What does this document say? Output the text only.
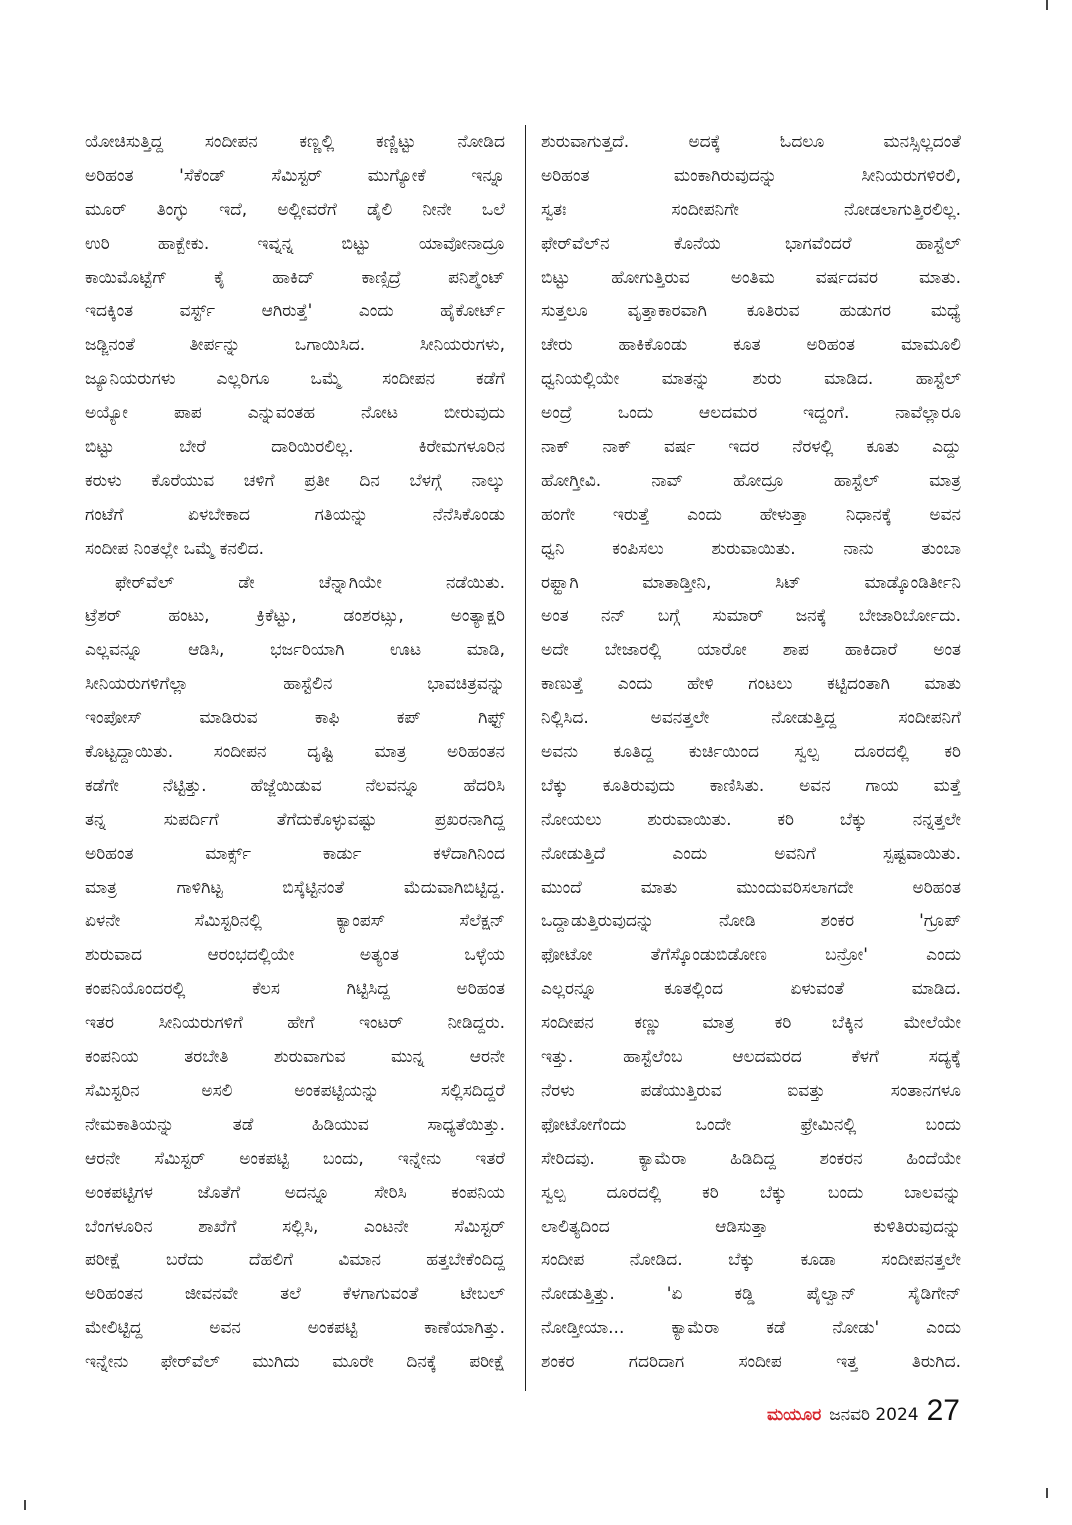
ಯೋಚಿಸುತ್ತಿದ್ದ ಸಂದೀಪನ ಕಣ್ಣಲ್ಲಿ ಕಣ್ಣಿಟ್ಟು ನೋಡಿದ
ಅರಿಹಂತ 'ಸೆಕೆಂಡ್ ಸೆಮಿಸ್ಟರ್ ಮುಗ್ಯೋಕೆ ಇನ್ನೂ
ಮೂರ್ ತಿಂಗ್ಳು ಇದೆ, ಅಲ್ಲೀವರೆಗೆ ಡೈಲಿ ನೀನೇ ಒಲೆ
ಉರಿ ಹಾಕ್ಬೇಕು. ಇವ್ನನ್ನ ಬಿಟ್ಟು ಯಾವೋನಾದ್ರೂ
ಕಾಯಿಮೊಟ್ಟೆಗ್ ಕೈ ಹಾಕಿದ್ ಕಾಣ್ಸಿದ್ರೆ ಪನಿಶ್ಮೆಂಟ್
ಇದಕ್ಕಿಂತ ವರ್ಸ್ಟ್ ಆಗಿರುತ್ತೆ' ಎಂದು ಹೈಕೋರ್ಟ್
ಜಡ್ಜಿನಂತೆ ತೀರ್ಪನ್ನು ಒಗಾಯಿಸಿದ. ಸೀನಿಯರುಗಳು,
ಜ್ಯೂನಿಯರುಗಳು ಎಲ್ಲರಿಗೂ ಒಮ್ಮೆ ಸಂದೀಪನ ಕಡೆಗೆ
ಅಯ್ಯೋ ಪಾಪ ಎನ್ನುವಂತಹ ನೋಟ ಬೀರುವುದು
ಬಿಟ್ಟು ಬೇರೆ ದಾರಿಯಿರಲಿಲ್ಲ. ಕಿರೇಮಗಳೂರಿನ
ಕರುಳು ಕೊರೆಯುವ ಚಳಿಗೆ ಪ್ರತೀ ದಿನ ಬೆಳಗ್ಗೆ ನಾಲ್ಕು
ಗಂಟೆಗೆ ಏಳಬೇಕಾದ ಗತಿಯನ್ನು ನೆನೆಸಿಕೊಂಡು
ಸಂದೀಪ ನಿಂತಲ್ಲೇ ಒಮ್ಮೆ ಕನಲಿದ.
ಫೇರ್‌ವೆಲ್ ಡೇ ಚೆನ್ನಾಗಿಯೇ ನಡೆಯಿತು.
ಟ್ರೆಶರ್ ಹಂಟು, ಕ್ರಿಕೆಟ್ಟು, ಡಂಶರಟ್ಸು, ಅಂತ್ಯಾಕ್ಷರಿ
ಎಲ್ಲವನ್ನೂ ಆಡಿಸಿ, ಭರ್ಜರಿಯಾಗಿ ಊಟ ಮಾಡಿ,
ಸೀನಿಯರುಗಳಿಗೆಲ್ಲಾ ಹಾಸ್ಟೆಲಿನ ಭಾವಚಿತ್ರವನ್ನು
ಇಂಪೋಸ್ ಮಾಡಿರುವ ಕಾಫಿ ಕಪ್ ಗಿಫ್ಟ್
ಕೊಟ್ಟದ್ದಾಯಿತು. ಸಂದೀಪನ ದೃಷ್ಟಿ ಮಾತ್ರ ಅರಿಹಂತನ
ಕಡೆಗೇ ನೆಟ್ಟಿತ್ತು. ಹೆಜ್ಜೆಯಿಡುವ ನೆಲವನ್ನೂ ಹೆದರಿಸಿ
ತನ್ನ ಸುಪರ್ದಿಗೆ ತೆಗೆದುಕೊಳ್ಳುವಷ್ಟು ಪ್ರಖರನಾಗಿದ್ದ
ಅರಿಹಂತ ಮಾರ್ಕ್ಸ್ ಕಾರ್ಡು ಕಳೆದಾಗಿನಿಂದ
ಮಾತ್ರ ಗಾಳಿಗಿಟ್ಟ ಬಿಸ್ಕೆಟ್ಟಿನಂತೆ ಮೆದುವಾಗಿಬಿಟ್ಟಿದ್ದ.
ಏಳನೇ ಸೆಮಿಸ್ಟರಿನಲ್ಲಿ ಕ್ಯಾಂಪಸ್ ಸೆಲೆಕ್ಷನ್
ಶುರುವಾದ ಆರಂಭದಲ್ಲಿಯೇ ಅತ್ಯಂತ ಒಳ್ಳೆಯ
ಕಂಪನಿಯೊಂದರಲ್ಲಿ ಕೆಲಸ ಗಿಟ್ಟಿಸಿದ್ದ ಅರಿಹಂತ
ಇತರ ಸೀನಿಯರುಗಳಿಗೆ ಹೇಗೆ ಇಂಟರ್ ನೀಡಿದ್ದರು.
ಕಂಪನಿಯ ತರಬೇತಿ ಶುರುವಾಗುವ ಮುನ್ನ ಆರನೇ
ಸೆಮಿಸ್ಟರಿನ ಅಸಲಿ ಅಂಕಪಟ್ಟಿಯನ್ನು ಸಲ್ಲಿಸದಿದ್ದರೆ
ನೇಮಕಾತಿಯನ್ನು ತಡೆ ಹಿಡಿಯುವ ಸಾಧ್ಯತೆಯಿತ್ತು.
ಆರನೇ ಸೆಮಿಸ್ಟರ್ ಅಂಕಪಟ್ಟಿ ಬಂದು, ಇನ್ನೇನು ಇತರೆ
ಅಂಕಪಟ್ಟಿಗಳ ಜೊತೆಗೆ ಅದನ್ನೂ ಸೇರಿಸಿ ಕಂಪನಿಯ
ಬೆಂಗಳೂರಿನ ಶಾಖೆಗೆ ಸಲ್ಲಿಸಿ, ಎಂಟನೇ ಸೆಮಿಸ್ಟರ್
ಪರೀಕ್ಷೆ ಬರೆದು ದೆಹಲಿಗೆ ವಿಮಾನ ಹತ್ತಬೇಕೆಂದಿದ್ದ
ಅರಿಹಂತನ ಜೀವನವೇ ತಲೆ ಕೆಳಗಾಗುವಂತೆ ಟೇಬಲ್
ಮೇಲಿಟ್ಟಿದ್ದ ಅವನ ಅಂಕಪಟ್ಟಿ ಕಾಣೆಯಾಗಿತ್ತು.
ಇನ್ನೇನು ಫೇರ್‌ವೆಲ್ ಮುಗಿದು ಮೂರೇ ದಿನಕ್ಕೆ ಪರೀಕ್ಷೆ
ಶುರುವಾಗುತ್ತದೆ. ಅದಕ್ಕೆ ಓದಲೂ ಮನಸ್ಸಿಲ್ಲದಂತೆ
ಅರಿಹಂತ ಮಂಕಾಗಿರುವುದನ್ನು ಸೀನಿಯರುಗಳಿರಲಿ,
ಸ್ವತಃ ಸಂದೀಪನಿಗೇ ನೋಡಲಾಗುತ್ತಿರಲಿಲ್ಲ.
ಫೇರ್‌ವೆಲ್‌ನ ಕೊನೆಯ ಭಾಗವೆಂದರೆ ಹಾಸ್ಟೆಲ್
ಬಿಟ್ಟು ಹೋಗುತ್ತಿರುವ ಅಂತಿಮ ವರ್ಷದವರ ಮಾತು.
ಸುತ್ತಲೂ ವೃತ್ತಾಕಾರವಾಗಿ ಕೂತಿರುವ ಹುಡುಗರ ಮಧ್ಯೆ
ಚೇರು ಹಾಕಿಕೊಂಡು ಕೂತ ಅರಿಹಂತ ಮಾಮೂಲಿ
ಧ್ವನಿಯಲ್ಲಿಯೇ ಮಾತನ್ನು ಶುರು ಮಾಡಿದ. ಹಾಸ್ಟೆಲ್
ಅಂದ್ರೆ ಒಂದು ಆಲದಮರ ಇದ್ದಂಗೆ. ನಾವೆಲ್ಲಾರೂ
ನಾಕ್ ನಾಕ್ ವರ್ಷ ಇದರ ನೆರಳಲ್ಲಿ ಕೂತು ಎದ್ದು
ಹೋಗ್ತೀವಿ. ನಾವ್ ಹೋದ್ರೂ ಹಾಸ್ಟೆಲ್ ಮಾತ್ರ
ಹಂಗೇ ಇರುತ್ತೆ ಎಂದು ಹೇಳುತ್ತಾ ನಿಧಾನಕ್ಕೆ ಅವನ
ಧ್ವನಿ ಕಂಪಿಸಲು ಶುರುವಾಯಿತು. ನಾನು ತುಂಬಾ
ರಫ್ಹಾಗಿ ಮಾತಾಡ್ತೀನಿ, ಸಿಟ್ ಮಾಡ್ಕೊಂಡಿರ್ತೀನಿ
ಅಂತ ನನ್ ಬಗ್ಗೆ ಸುಮಾರ್ ಜನಕ್ಕೆ ಬೇಜಾರಿರ್ಬೋದು.
ಅದೇ ಬೇಜಾರಲ್ಲಿ ಯಾರೋ ಶಾಪ ಹಾಕಿದಾರೆ ಅಂತ
ಕಾಣುತ್ತೆ ಎಂದು ಹೇಳಿ ಗಂಟಲು ಕಟ್ಟಿದಂತಾಗಿ ಮಾತು
ನಿಲ್ಲಿಸಿದ. ಅವನತ್ತಲೇ ನೋಡುತ್ತಿದ್ದ ಸಂದೀಪನಿಗೆ
ಅವನು ಕೂತಿದ್ದ ಕುರ್ಚಿಯಿಂದ ಸ್ವಲ್ಪ ದೂರದಲ್ಲಿ ಕರಿ
ಬೆಕ್ಕು ಕೂತಿರುವುದು ಕಾಣಿಸಿತು. ಅವನ ಗಾಯ ಮತ್ತೆ
ನೋಯಲು ಶುರುವಾಯಿತು. ಕರಿ ಬೆಕ್ಕು ನನ್ನತ್ತಲೇ
ನೋಡುತ್ತಿದೆ ಎಂದು ಅವನಿಗೆ ಸ್ಪಷ್ಟವಾಯಿತು.
ಮುಂದೆ ಮಾತು ಮುಂದುವರಿಸಲಾಗದೇ ಅರಿಹಂತ
ಒದ್ದಾಡುತ್ತಿರುವುದನ್ನು ನೋಡಿ ಶಂಕರ 'ಗ್ರೂಪ್
ಫೋಟೋ ತೆಗೆಸ್ಕೊಂಡುಬಿಡೋಣ ಬನ್ರೋ' ಎಂದು
ಎಲ್ಲರನ್ನೂ ಕೂತಲ್ಲಿಂದ ಏಳುವಂತೆ ಮಾಡಿದ.
ಸಂದೀಪನ ಕಣ್ಣು ಮಾತ್ರ ಕರಿ ಬೆಕ್ಕಿನ ಮೇಲೆಯೇ
ಇತ್ತು. ಹಾಸ್ಟೆಲೆಂಬ ಆಲದಮರದ ಕೆಳಗೆ ಸದ್ಯಕ್ಕೆ
ನೆರಳು ಪಡೆಯುತ್ತಿರುವ ಐವತ್ತು ಸಂತಾನಗಳೂ
ಫೋಟೋಗೆಂದು ಒಂದೇ ಫ್ರೇಮಿನಲ್ಲಿ ಬಂದು
ಸೇರಿದವು. ಕ್ಯಾಮೆರಾ ಹಿಡಿದಿದ್ದ ಶಂಕರನ ಹಿಂದೆಯೇ
ಸ್ವಲ್ಪ ದೂರದಲ್ಲಿ ಕರಿ ಬೆಕ್ಕು ಬಂದು ಬಾಲವನ್ನು
ಲಾಲಿತ್ಯದಿಂದ ಆಡಿಸುತ್ತಾ ಕುಳಿತಿರುವುದನ್ನು
ಸಂದೀಪ ನೋಡಿದ. ಬೆಕ್ಕು ಕೂಡಾ ಸಂದೀಪನತ್ತಲೇ
ನೋಡುತ್ತಿತ್ತು. 'ಏ ಕಡ್ಡಿ ಪೈಲ್ವಾನ್ ಸೈಡಿಗೇನ್
ನೋಡ್ತೀಯಾ... ಕ್ಯಾಮೆರಾ ಕಡೆ ನೋಡು' ಎಂದು
ಶಂಕರ ಗದರಿದಾಗ ಸಂದೀಪ ಇತ್ತ ತಿರುಗಿದ.
ಮಯೂರ ಜನವರಿ 2024 27
